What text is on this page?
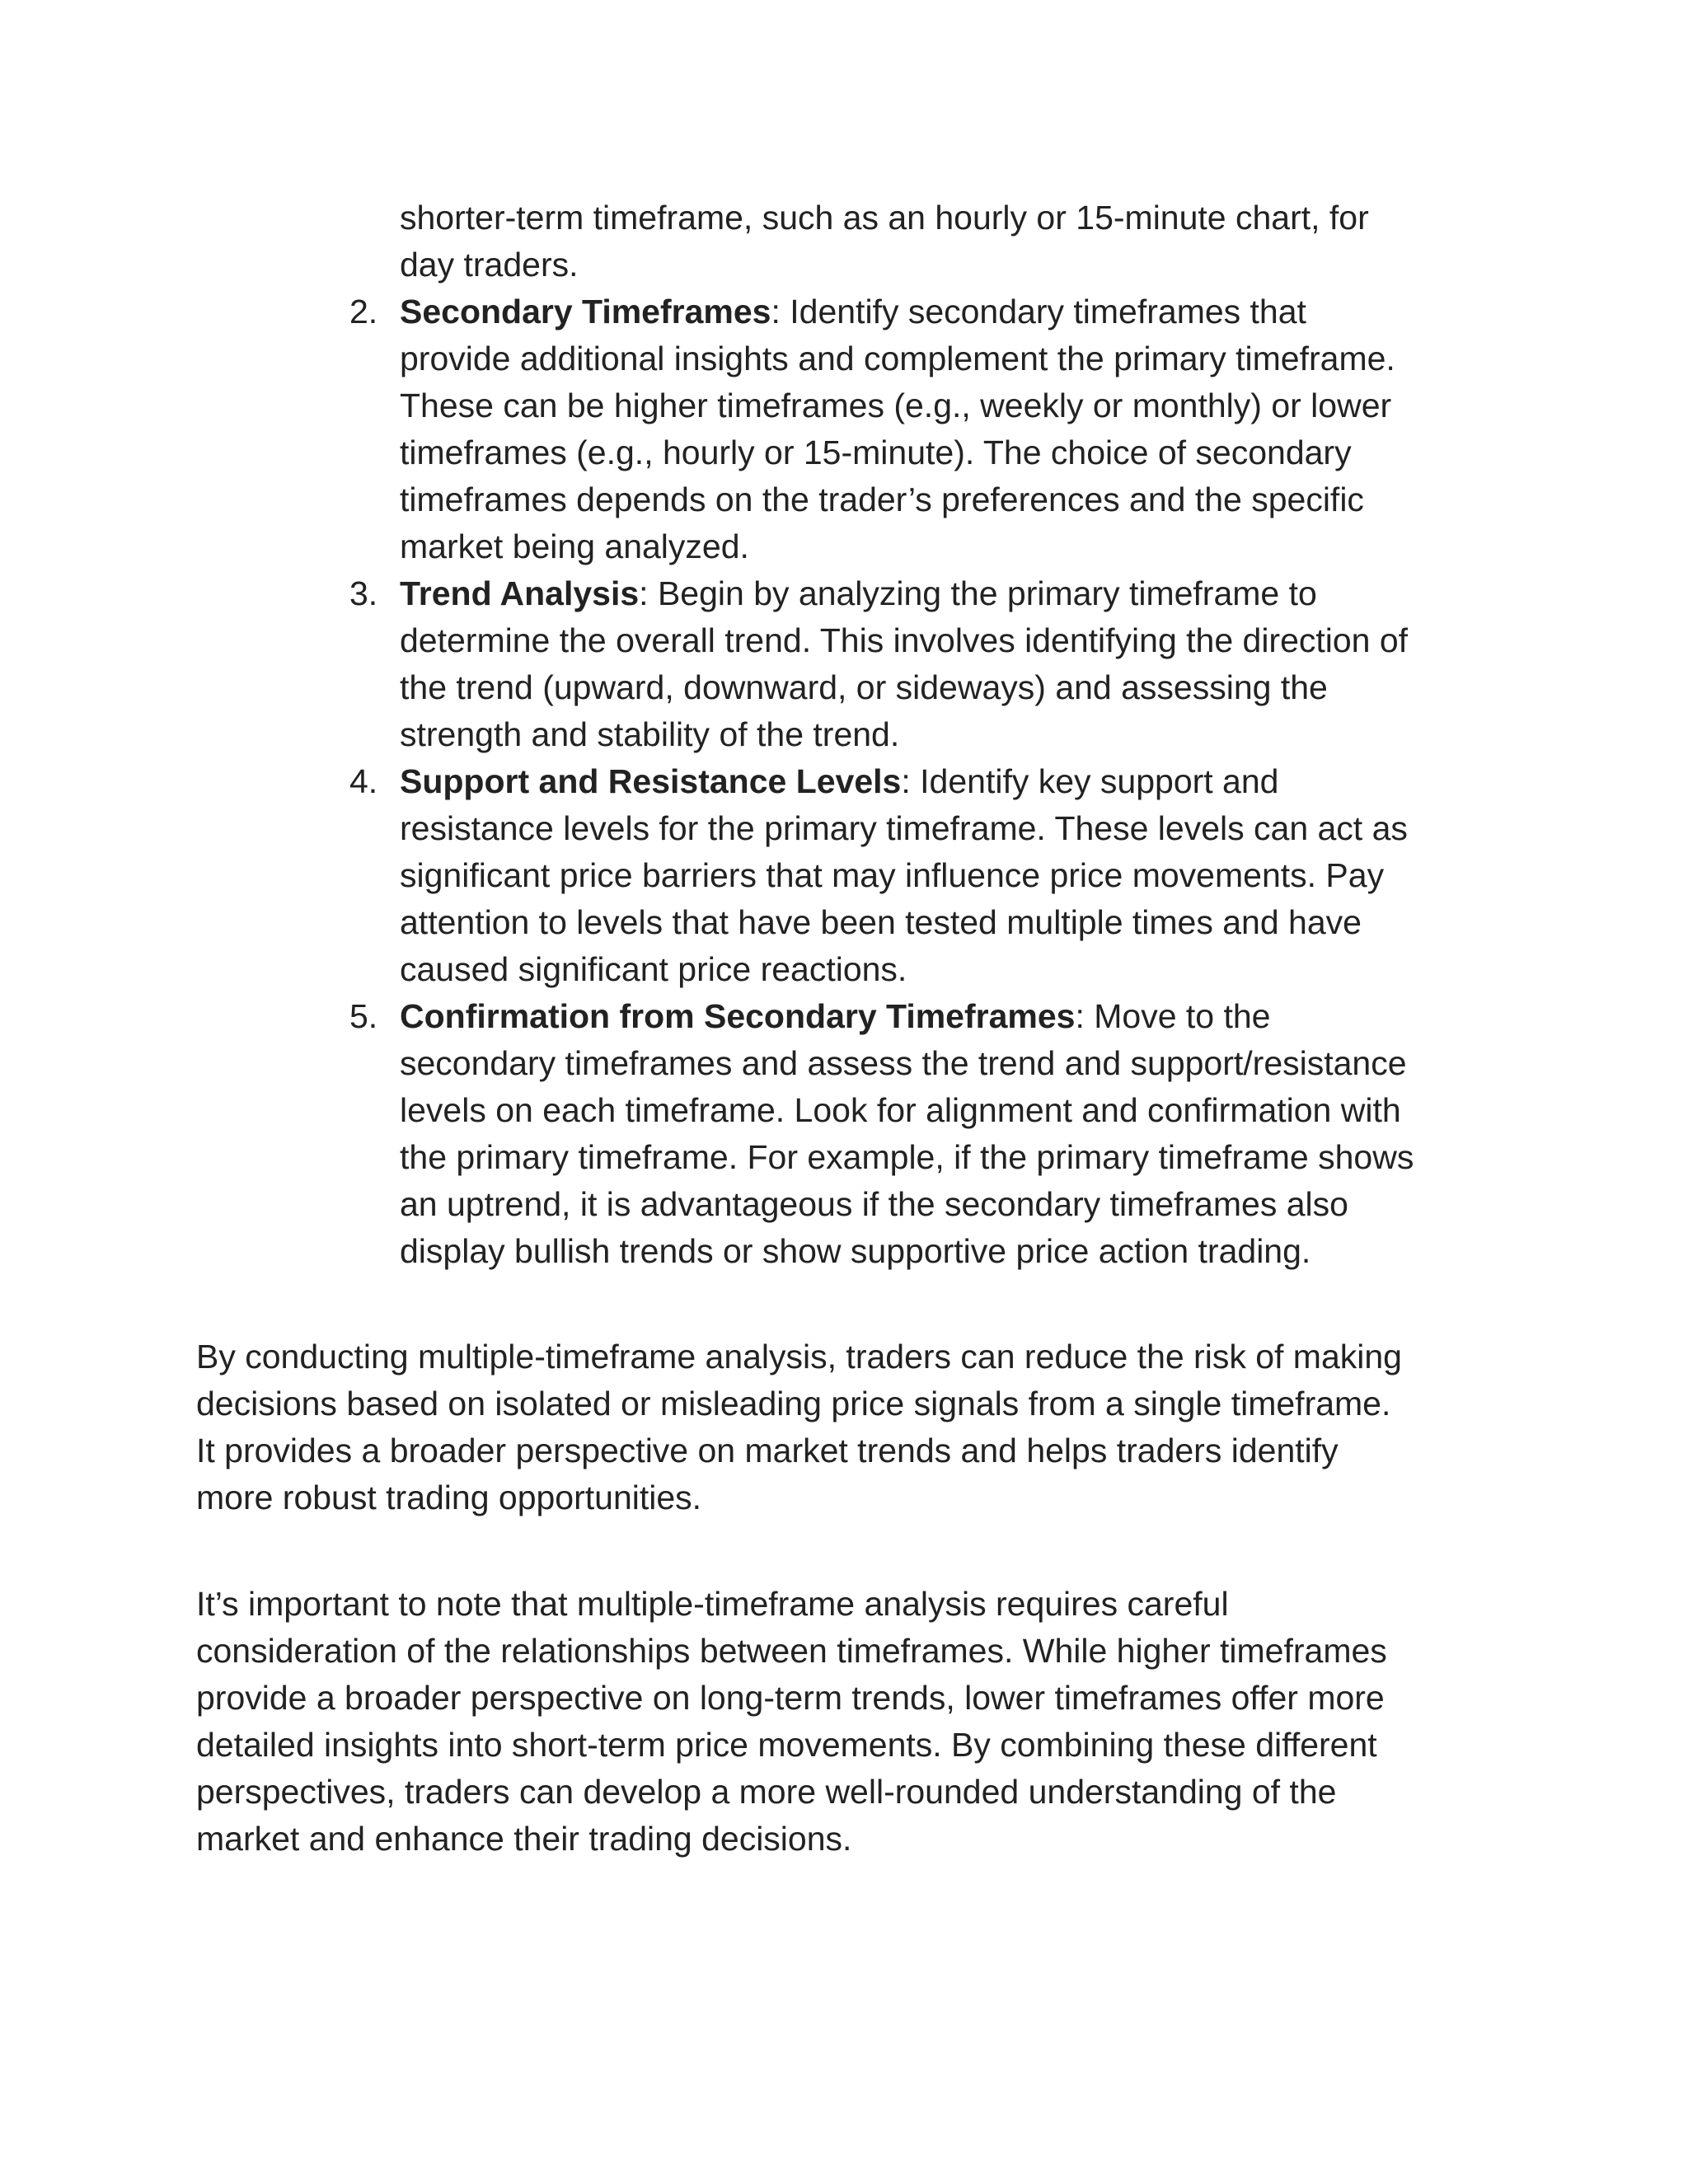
shorter-term timeframe, such as an hourly or 15-minute chart, for
day traders.
2. Secondary Timeframes: Identify secondary timeframes that
provide additional insights and complement the primary timeframe.
These can be higher timeframes (e.g., weekly or monthly) or lower
timeframes (e.g., hourly or 15-minute). The choice of secondary
timeframes depends on the trader’s preferences and the specific
market being analyzed.
3. Trend Analysis: Begin by analyzing the primary timeframe to
determine the overall trend. This involves identifying the direction of
the trend (upward, downward, or sideways) and assessing the
strength and stability of the trend.
4. Support and Resistance Levels: Identify key support and
resistance levels for the primary timeframe. These levels can act as
significant price barriers that may influence price movements. Pay
attention to levels that have been tested multiple times and have
caused significant price reactions.
5. Confirmation from Secondary Timeframes: Move to the
secondary timeframes and assess the trend and support/resistance
levels on each timeframe. Look for alignment and confirmation with
the primary timeframe. For example, if the primary timeframe shows
an uptrend, it is advantageous if the secondary timeframes also
display bullish trends or show supportive price action trading.
By conducting multiple-timeframe analysis, traders can reduce the risk of making
decisions based on isolated or misleading price signals from a single timeframe.
It provides a broader perspective on market trends and helps traders identify
more robust trading opportunities.
It’s important to note that multiple-timeframe analysis requires careful
consideration of the relationships between timeframes. While higher timeframes
provide a broader perspective on long-term trends, lower timeframes offer more
detailed insights into short-term price movements. By combining these different
perspectives, traders can develop a more well-rounded understanding of the
market and enhance their trading decisions.
